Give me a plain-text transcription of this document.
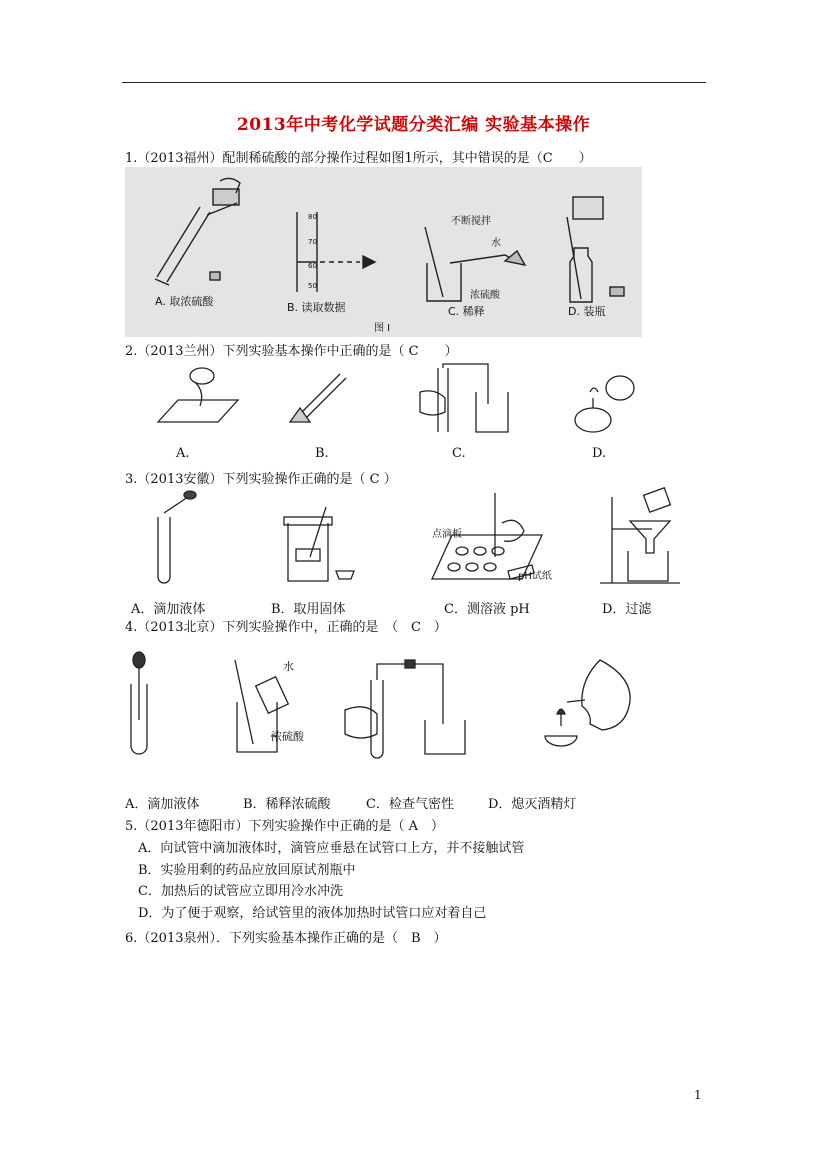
2013年中考化学试题分类汇编 实验基本操作
1.（2013福州）配制稀硫酸的部分操作过程如图1所示，其中错误的是（C　　）
A. 取浓硫酸
80
70
60
50
B. 读取数据
不断搅拌
水
浓硫酸
C. 稀释	D. 装瓶
图 I
2.（2013兰州）下列实验基本操作中正确的是（ C　　）
A.	B.	C.	D.
3.（2013安徽）下列实验操作正确的是（ C ）
点滴板
pH试纸
A．滴加液体	B．取用固体	C．测溶液 pH	D．过滤
4.（2013北京）下列实验操作中，正确的是　（　C　）
水
浓硫酸
A．滴加液体	B．稀释浓硫酸	C．检查气密性	D．熄灭酒精灯
5.（2013年德阳市）下列实验操作中正确的是（ A　）
A．向试管中滴加液体时，滴管应垂悬在试管口上方，并不接触试管
B．实验用剩的药品应放回原试剂瓶中
C．加热后的试管应立即用冷水冲洗
D．为了便于观察，给试管里的液体加热时试管口应对着自己
6.（2013泉州）．下列实验基本操作正确的是（　B　）
1
